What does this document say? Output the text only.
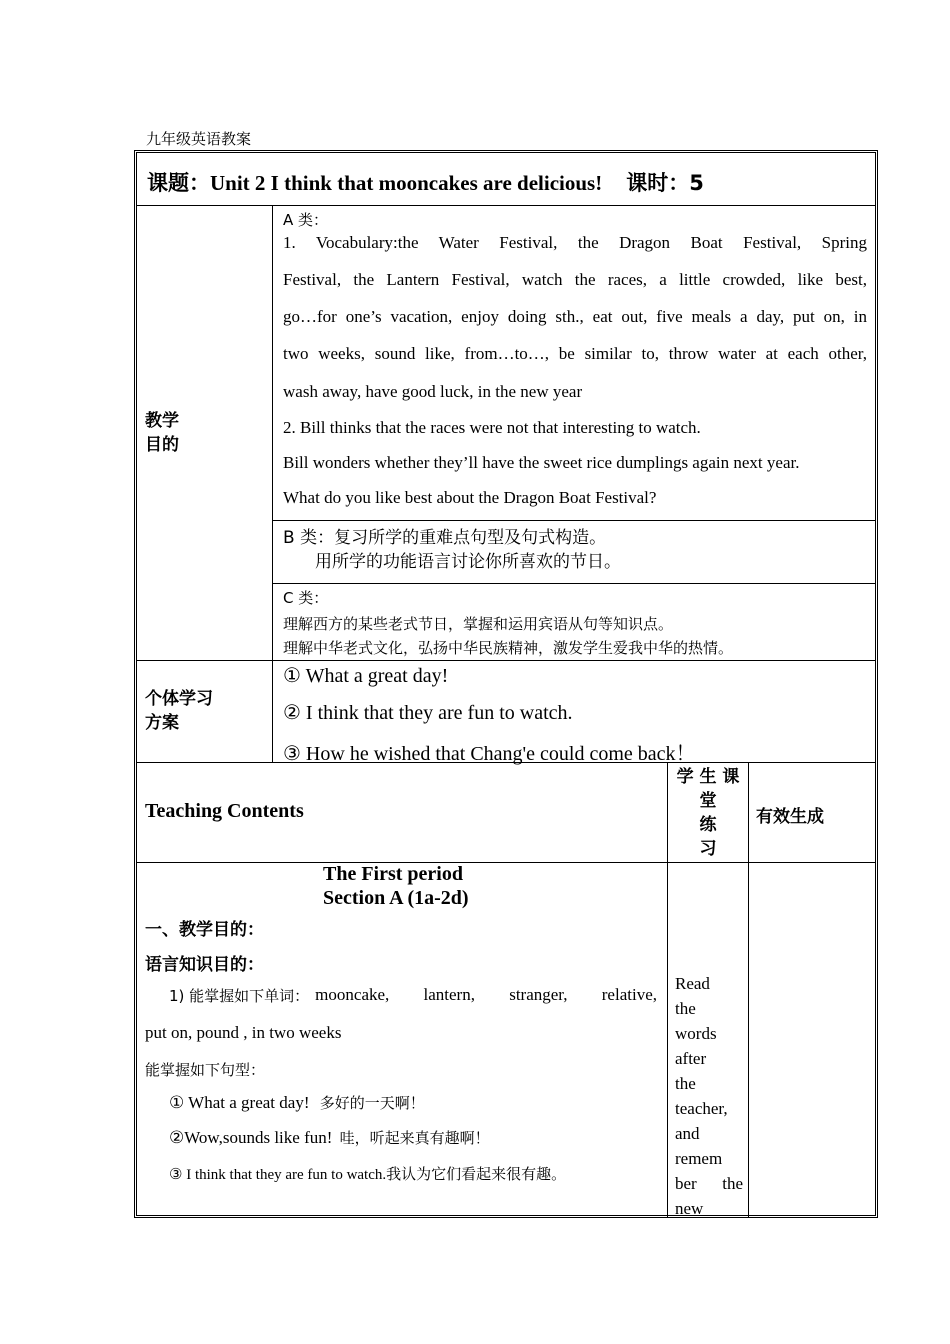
九年级英语教案
课题：Unit 2 I think that mooncakes are delicious! 课时：5
教学
目的
A 类：
1. Vocabulary:the Water Festival, the Dragon Boat Festival, Spring
Festival, the Lantern Festival, watch the races, a little crowded, like best,
go…for one’s vacation, enjoy doing sth., eat out, five meals a day, put on, in
two weeks, sound like, from…to…, be similar to, throw water at each other,
wash away, have good luck, in the new year
2. Bill thinks that the races were not that interesting to watch.
Bill wonders whether they’ll have the sweet rice dumplings again next year.
What do you like best about the Dragon Boat Festival?
B 类：复习所学的重难点句型及句式构造。
用所学的功能语言讨论你所喜欢的节日。
C 类：
理解西方的某些老式节日，掌握和运用宾语从句等知识点。
理解中华老式文化，弘扬中华民族精神，激发学生爱我中华的热情。
个体学习
方案
① What a great day!
② I think that they are fun to watch.
③ How he wished that Chang'e could come back！
Teaching Contents
学 生 课
堂
练
习
有效生成
The First period
Section A (1a-2d)
一、教学目的：
语言知识目的：
1) 能掌握如下单词： mooncake, lantern, stranger, relative,
put on, pound , in two weeks
能掌握如下句型：
① What a great day! 多好的一天啊！
②Wow,sounds like fun! 哇，听起来真有趣啊！
③ I think that they are fun to watch.我认为它们看起来很有趣。
Read
the
words
after
the
teacher,
and
remem
ber the
new
